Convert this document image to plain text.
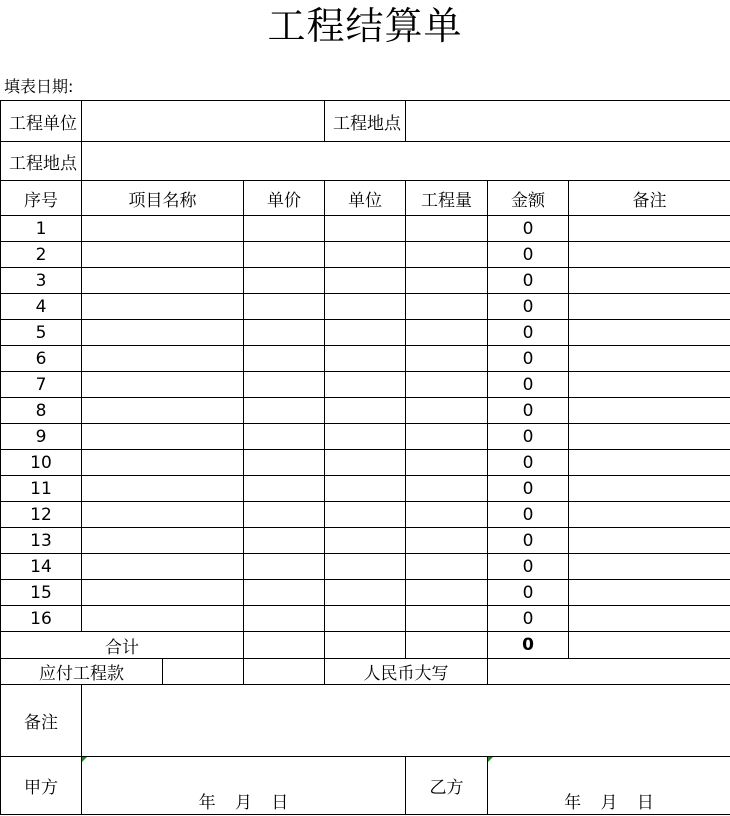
工程结算单
填表日期:
工程单位				工程地点			
工程地点							
序号	项目名称		单价	单位	工程量	金额	备注
1						0	
2						0	
3						0	
4						0	
5						0	
6						0	
7						0	
8						0	
9						0	
10						0	
11						0	
12						0	
13						0	
14						0	
15						0	
16						0	
合计						0	
应付工程款				人民币大写			
备注							
甲方	年 月 日				乙方	年 月 日	
